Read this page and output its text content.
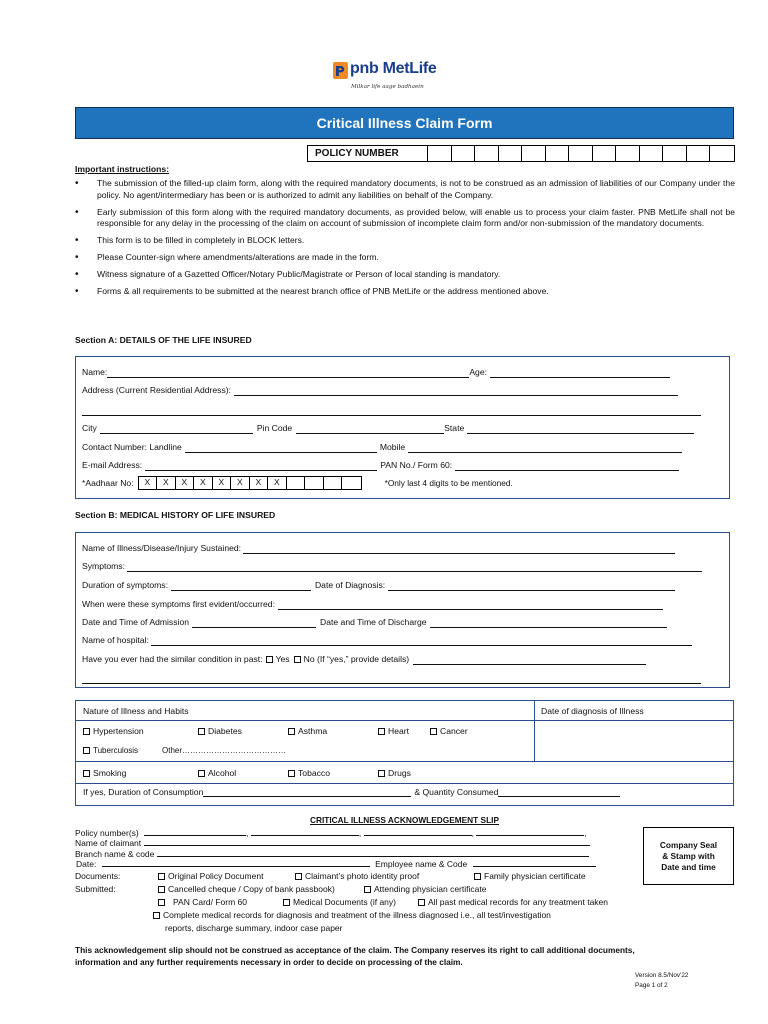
pnb MetLife
Milkar life aage badhaein
Critical Illness Claim Form
POLICY NUMBER
Important instructions:
• The submission of the filled-up claim form, along with the required mandatory documents, is not to be construed as an admission of liabilities of our Company under the policy. No agent/intermediary has been or is authorized to admit any liabilities on behalf of the Company.
• Early submission of this form along with the required mandatory documents, as provided below, will enable us to process your claim faster. PNB MetLife shall not be responsible for any delay in the processing of the claim on account of submission of incomplete claim form and/or non-submission of the mandatory documents.
• This form is to be filled in completely in BLOCK letters.
• Please Counter-sign where amendments/alterations are made in the form.
• Witness signature of a Gazetted Officer/Notary Public/Magistrate or Person of local standing is mandatory.
• Forms & all requirements to be submitted at the nearest branch office of PNB MetLife or the address mentioned above.
Section A: DETAILS OF THE LIFE INSURED
Name:	Age:
Address (Current Residential Address):
City	Pin Code	State
Contact Number: Landline	Mobile
E-mail Address:	PAN No./ Form 60:
*Aadhaar No:	X	X	X	X	X	X	X	X	*Only last 4 digits to be mentioned.
Section B: MEDICAL HISTORY OF LIFE INSURED
Name of Illness/Disease/Injury Sustained:
Symptoms:
Duration of symptoms:	Date of Diagnosis:
When were these symptoms first evident/occurred:
Date and Time of Admission	Date and Time of Discharge
Name of hospital:
Have you ever had the similar condition in past:	Yes	No (If “yes,” provide details)
Nature of Illness and Habits	Date of diagnosis of Illness
Hypertension	Diabetes	Asthma	Heart	Cancer
Tuberculosis	Other…………………………………
Smoking	Alcohol	Tobacco	Drugs
If yes, Duration of Consumption	& Quantity Consumed
CRITICAL ILLNESS ACKNOWLEDGEMENT SLIP
Policy number(s)	,	,	,	,
Name of claimant
Branch name & code
Date:	Employee name & Code
Documents:
Submitted:
Original Policy Document	Claimant’s photo identity proof	Family physician certificate
Cancelled cheque / Copy of bank passbook)	Attending physician certificate
PAN Card/ Form 60	Medical Documents (if any)	All past medical records for any treatment taken
Complete medical records for diagnosis and treatment of the illness diagnosed i.e., all test/investigation
reports, discharge summary, indoor case paper
Company Seal
& Stamp with
Date and time
This acknowledgement slip should not be construed as acceptance of the claim. The Company reserves its right to call additional documents,
information and any further requirements necessary in order to decide on processing of the claim.
Version 8.5/Nov'22
Page 1 of 2
